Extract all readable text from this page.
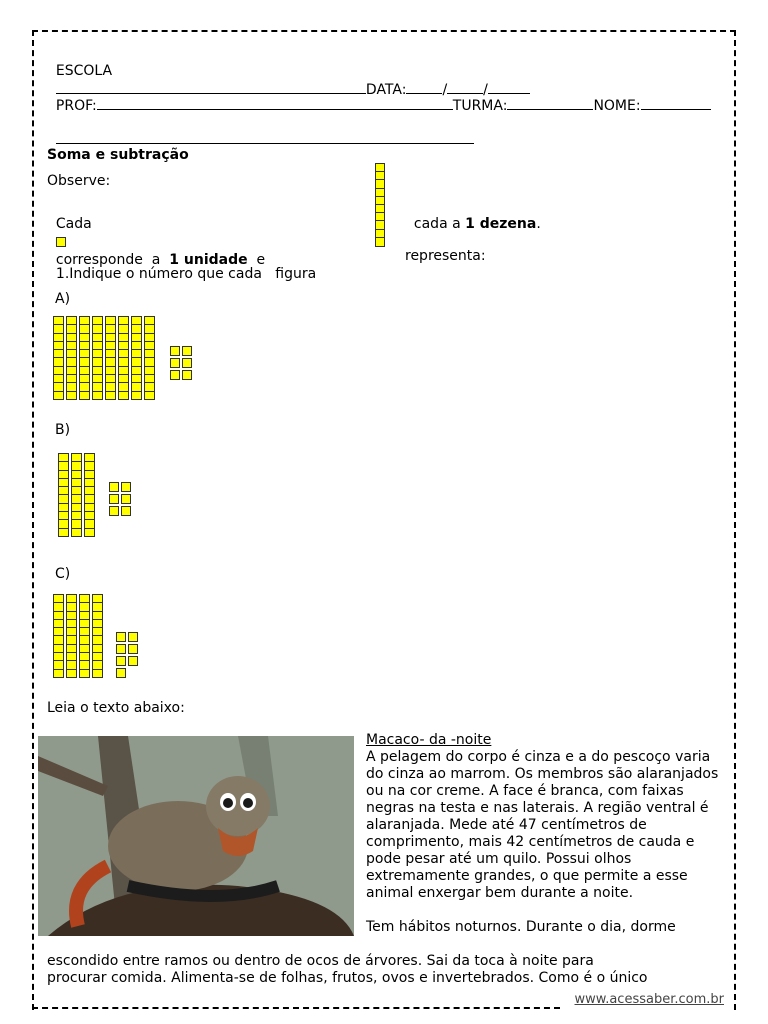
ESCOLA
DATA:	/	/

PROF:	TURMA:	NOME:

Soma e subtração
Observe:

Cada

corresponde a 1 unidade e

cada a 1 dezena.

1.Indique o número que cada figura

representa:
A)
B)
C)
Leia o texto abaixo:
Macaco- da -noite
A pelagem do corpo é cinza e a do pescoço varia do cinza ao marrom. Os membros são alaranjados ou na cor creme. A face é branca, com faixas negras na testa e nas laterais. A região ventral é alaranjada. Mede até 47 centímetros de comprimento, mais 42 centímetros de cauda e pode pesar até um quilo. Possui olhos extremamente grandes, o que permite a esse animal enxergar bem durante a noite.
Tem hábitos noturnos. Durante o dia, dorme
escondido entre ramos ou dentro de ocos de árvores. Sai da toca à noite para
procurar comida. Alimenta-se de folhas, frutos, ovos e invertebrados. Como é o único
www.acessaber.com.br
